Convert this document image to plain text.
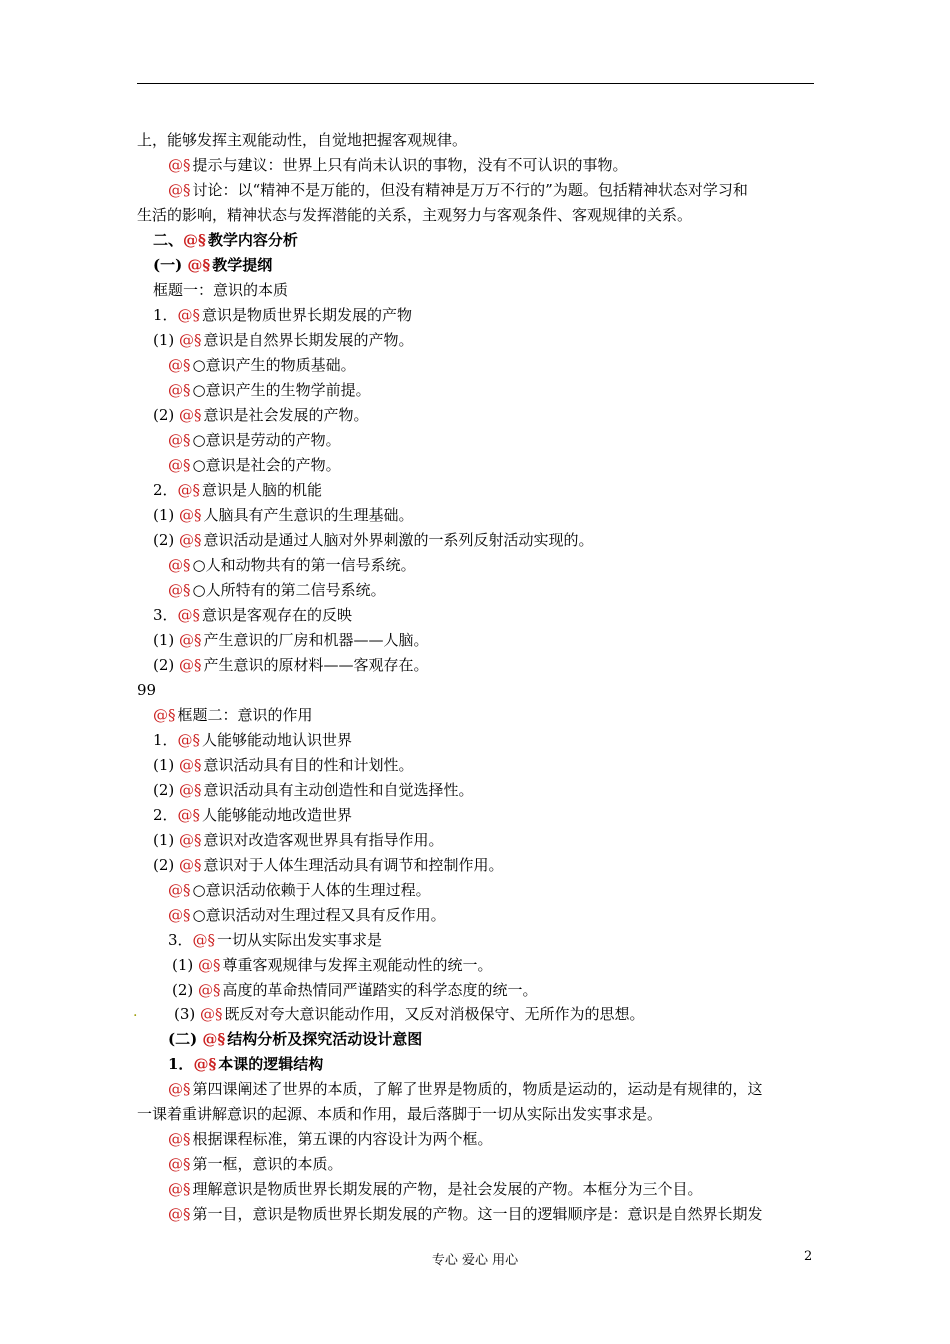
上，能够发挥主观能动性，自觉地把握客观规律。
@§ 提示与建议：世界上只有尚未认识的事物，没有不可认识的事物。
@§ 讨论：以“精神不是万能的，但没有精神是万万不行的”为题。包括精神状态对学习和
生活的影响，精神状态与发挥潜能的关系，主观努力与客观条件、客观规律的关系。
二、@§ 教学内容分析
(一) @§ 教学提纲
框题一：意识的本质
1．@§ 意识是物质世界长期发展的产物
(1) @§ 意识是自然界长期发展的产物。
@§ ○意识产生的物质基础。
@§ ○意识产生的生物学前提。
(2) @§ 意识是社会发展的产物。
@§ ○意识是劳动的产物。
@§ ○意识是社会的产物。
2．@§ 意识是人脑的机能
(1) @§ 人脑具有产生意识的生理基础。
(2) @§ 意识活动是通过人脑对外界刺激的一系列反射活动实现的。
@§ ○人和动物共有的第一信号系统。
@§ ○人所特有的第二信号系统。
3．@§ 意识是客观存在的反映
(1) @§ 产生意识的厂房和机器——人脑。
(2) @§ 产生意识的原材料——客观存在。
99
@§ 框题二：意识的作用
1．@§ 人能够能动地认识世界
(1) @§ 意识活动具有目的性和计划性。
(2) @§ 意识活动具有主动创造性和自觉选择性。
2．@§ 人能够能动地改造世界
(1) @§ 意识对改造客观世界具有指导作用。
(2) @§ 意识对于人体生理活动具有调节和控制作用。
@§ ○意识活动依赖于人体的生理过程。
@§ ○意识活动对生理过程又具有反作用。
3．@§ 一切从实际出发实事求是
(1) @§ 尊重客观规律与发挥主观能动性的统一。
(2) @§ 高度的革命热情同严谨踏实的科学态度的统一。
(3) @§ 既反对夸大意识能动作用，又反对消极保守、无所作为的思想。
(二) @§ 结构分析及探究活动设计意图
1．@§ 本课的逻辑结构
@§ 第四课阐述了世界的本质，了解了世界是物质的，物质是运动的，运动是有规律的，这
一课着重讲解意识的起源、本质和作用，最后落脚于一切从实际出发实事求是。
@§ 根据课程标准，第五课的内容设计为两个框。
@§ 第一框，意识的本质。
@§ 理解意识是物质世界长期发展的产物，是社会发展的产物。本框分为三个目。
@§ 第一目，意识是物质世界长期发展的产物。这一目的逻辑顺序是：意识是自然界长期发
.
专心 爱心 用心	2
